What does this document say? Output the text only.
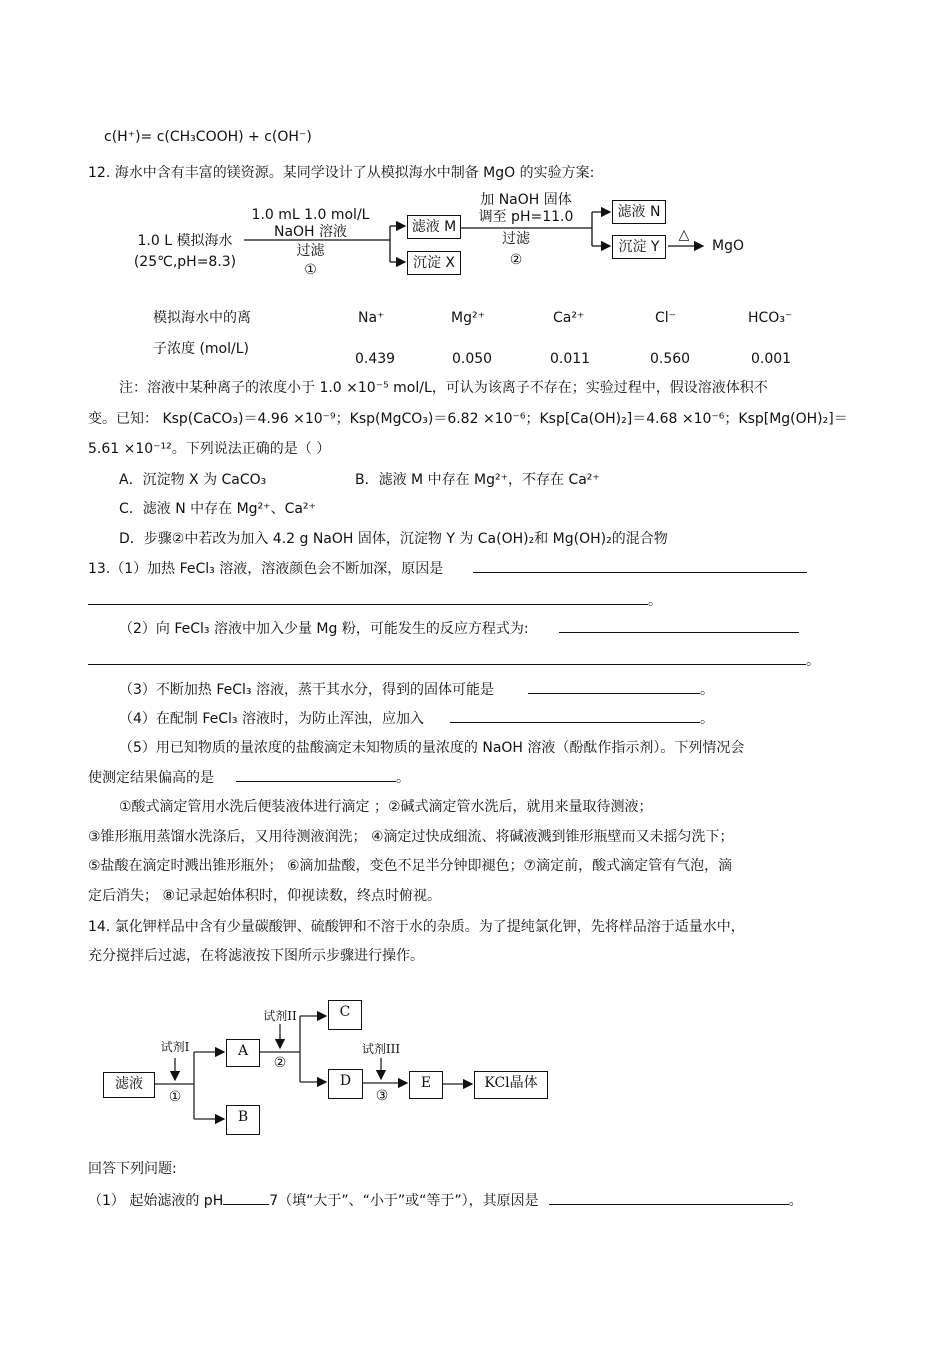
c(H⁺)= c(CH₃COOH) + c(OH⁻)
12. 海水中含有丰富的镁资源。某同学设计了从模拟海水中制备 MgO 的实验方案:
1.0 L 模拟海水
(25℃,pH=8.3)
1.0 mL 1.0 mol/L
NaOH 溶液
过滤
①
滤液 M
沉淀 X
加 NaOH 固体
调至 pH=11.0
过滤
②
滤液 N
沉淀 Y
△
MgO
模拟海水中的离
子浓度 (mol/L)
Na⁺	Mg²⁺	Ca²⁺	Cl⁻	HCO₃⁻
0.439	0.050	0.011	0.560	0.001
注：溶液中某种离子的浓度小于 1.0 ×10⁻⁵ mol/L，可认为该离子不存在；实验过程中，假设溶液体积不
变。已知： Ksp(CaCO₃)＝4.96 ×10⁻⁹；Ksp(MgCO₃)＝6.82 ×10⁻⁶；Ksp[Ca(OH)₂]＝4.68 ×10⁻⁶；Ksp[Mg(OH)₂]＝
5.61 ×10⁻¹²。下列说法正确的是（ ）
A．沉淀物 X 为 CaCO₃	B．滤液 M 中存在 Mg²⁺，不存在 Ca²⁺
C．滤液 N 中存在 Mg²⁺、Ca²⁺
D．步骤②中若改为加入 4.2 g NaOH 固体，沉淀物 Y 为 Ca(OH)₂和 Mg(OH)₂的混合物
13.（1）加热 FeCl₃ 溶液，溶液颜色会不断加深，原因是
。
（2）向 FeCl₃ 溶液中加入少量 Mg 粉，可能发生的反应方程式为:
。
（3）不断加热 FeCl₃ 溶液，蒸干其水分，得到的固体可能是	。
（4）在配制 FeCl₃ 溶液时，为防止浑浊，应加入	。
（5）用已知物质的量浓度的盐酸滴定未知物质的量浓度的 NaOH 溶液（酚酞作指示剂）。下列情况会
使测定结果偏高的是	。
①酸式滴定管用水洗后便装液体进行滴定 ；②碱式滴定管水洗后，就用来量取待测液；
③锥形瓶用蒸馏水洗涤后，又用待测液润洗； ④滴定过快成细流、将碱液溅到锥形瓶壁而又未摇匀洗下；
⑤盐酸在滴定时溅出锥形瓶外； ⑥滴加盐酸，变色不足半分钟即褪色；⑦滴定前，酸式滴定管有气泡，滴
定后消失； ⑧记录起始体积时，仰视读数，终点时俯视。
14. 氯化钾样品中含有少量碳酸钾、硫酸钾和不溶于水的杂质。为了提纯氯化钾，先将样品溶于适量水中，
充分搅拌后过滤，在将滤液按下图所示步骤进行操作。
滤液
试剂I
①
A
B
试剂II
②
C
D
试剂III
③
E	KCl晶体
回答下列问题:
（1） 起始滤液的 pH	7（填“大于”、“小于”或“等于”），其原因是	。
